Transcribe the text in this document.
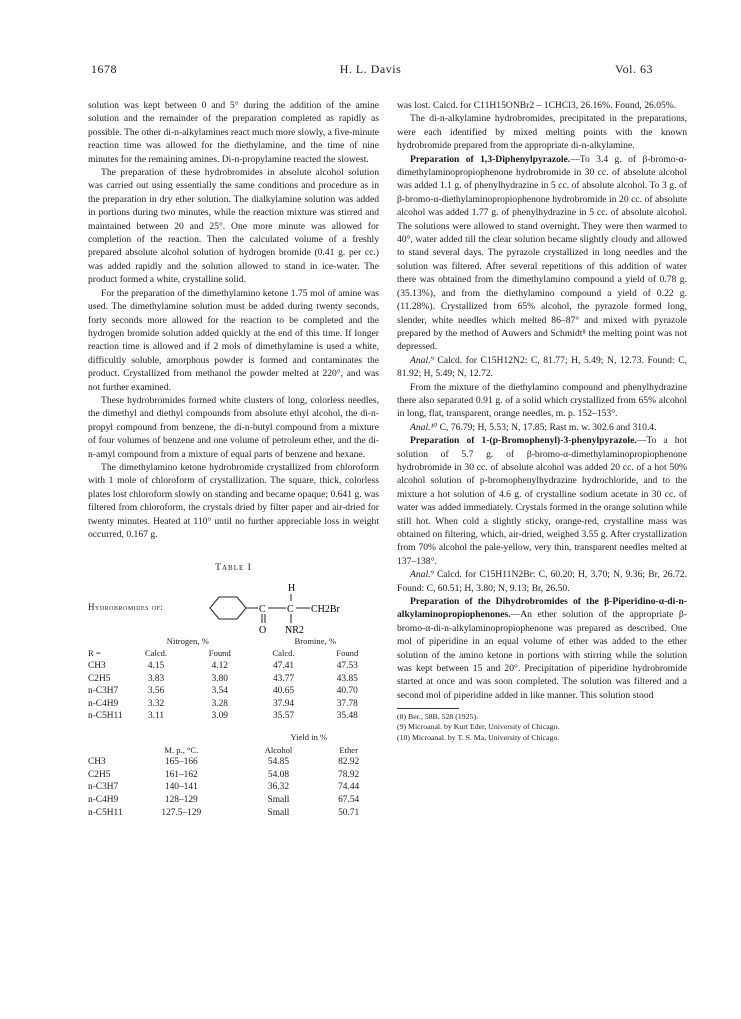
1678	H. L. Davis	Vol. 63

solution was kept between 0 and 5° during the addition of the amine solution and the remainder of the preparation completed as rapidly as possible. The other di-n-alkylamines react much more slowly, a five-minute reaction time was allowed for the diethylamine, and the time of nine minutes for the remaining amines. Di-n-propylamine reacted the slowest.

The preparation of these hydrobromides in absolute alcohol solution was carried out using essentially the same conditions and procedure as in the preparation in dry ether solution. The dialkylamine solution was added in portions during two minutes, while the reaction mixture was stirred and maintained between 20 and 25°. One more minute was allowed for completion of the reaction. Then the calculated volume of a freshly prepared absolute alcohol solution of hydrogen bromide (0.41 g. per cc.) was added rapidly and the solution allowed to stand in ice-water. The product formed a white, crystalline solid.

For the preparation of the dimethylamino ketone 1.75 mol of amine was used. The dimethylamine solution must be added during twenty seconds, forty seconds more allowed for the reaction to be completed and the hydrogen bromide solution added quickly at the end of this time. If longer reaction time is allowed and if 2 mols of dimethylamine is used a white, difficultly soluble, amorphous powder is formed and contaminates the product. Crystallized from methanol the powder melted at 220°, and was not further examined.

These hydrobromides formed white clusters of long, colorless needles, the dimethyl and diethyl compounds from absolute ethyl alcohol, the di-n-propyl compound from benzene, the di-n-butyl compound from a mixture of four volumes of benzene and one volume of petroleum ether, and the di-n-amyl compound from a mixture of equal parts of benzene and hexane.

The dimethylamino ketone hydrobromide crystallized from chloroform with 1 mole of chloroform of crystallization. The square, thick, colorless plates lost chloroform slowly on standing and became opaque; 0.641 g. was filtered from chloroform, the crystals dried by filter paper and air-dried for twenty minutes. Heated at 110° until no further appreciable loss in weight occurred, 0.167 g.

Table I
Hydrobromides of:	C C CH2Br
H
O NR2
	Nitrogen, %		Bromine, %	
R =	Calcd.	Found	Calcd.	Found
CH3	4.15	4.12	47.41	47.53
C2H5	3.83	3.80	43.77	43.85
n-C3H7	3.56	3.54	40.65	40.70
n-C4H9	3.32	3.28	37.94	37.78
n-C5H11	3.11	3.09	35.57	35.48
		Yield in %	
	M. p., °C.	Alcohol	Ether
CH3	165–166	54.85	82.92
C2H5	161–162	54.08	78.92
n-C3H7	140–141	36.32	74.44
n-C4H9	128–129	Small	67.54
n-C5H11	127.5–129	Small	50.71

was lost. Calcd. for C11H15ONBr2 – 1CHCl3, 26.16%. Found, 26.05%.

The di-n-alkylamine hydrobromides, precipitated in the preparations, were each identified by mixed melting points with the known hydrobromide prepared from the appropriate di-n-alkylamine.

Preparation of 1,3-Diphenylpyrazole.—To 3.4 g. of β-bromo-α-dimethylaminopropiophenone hydrobromide in 30 cc. of absolute alcohol was added 1.1 g. of phenylhydrazine in 5 cc. of absolute alcohol. To 3 g. of β-bromo-α-diethylaminopropiophenone hydrobromide in 20 cc. of absolute alcohol was added 1.77 g. of phenylhydrazine in 5 cc. of absolute alcohol. The solutions were allowed to stand overnight. They were then warmed to 40°, water added till the clear solution became slightly cloudy and allowed to stand several days. The pyrazole crystallized in long needles and the solution was filtered. After several repetitions of this addition of water there was obtained from the dimethylamino compound a yield of 0.78 g. (35.13%), and from the diethylamino compound a yield of 0.22 g. (11.28%). Crystallized from 65% alcohol, the pyrazole formed long, slender, white needles which melted 86–87° and mixed with pyrazole prepared by the method of Auwers and Schmidt⁸ the melting point was not depressed.

Anal.⁹ Calcd. for C15H12N2: C, 81.77; H, 5.49; N, 12.73. Found: C, 81.92; H, 5.49; N, 12.72.

From the mixture of the diethylamino compound and phenylhydrazine there also separated 0.91 g. of a solid which crystallized from 65% alcohol in long, flat, transparent, orange needles, m. p. 152–153°.

Anal.¹⁰ C, 76.79; H, 5.53; N, 17.85; Rast m. w. 302.6 and 310.4.

Preparation of 1-(p-Bromophenyl)-3-phenylpyrazole.—To a hot solution of 5.7 g. of β-bromo-α-dimethylaminopropiophenone hydrobromide in 30 cc. of absolute alcohol was added 20 cc. of a hot 50% alcohol solution of p-bromophenylhydrazine hydrochloride, and to the mixture a hot solution of 4.6 g. of crystalline sodium acetate in 30 cc. of water was added immediately. Crystals formed in the orange solution while still hot. When cold a slightly sticky, orange-red, crystalline mass was obtained on filtering, which, air-dried, weighed 3.55 g. After crystallization from 70% alcohol the pale-yellow, very thin, transparent needles melted at 137–138°.

Anal.⁹ Calcd. for C15H11N2Br: C, 60.20; H, 3.70; N, 9.36; Br, 26.72. Found: C, 60.51; H, 3.80; N, 9.13; Br, 26.50.

Preparation of the Dihydrobromides of the β-Piperidino-α-di-n-alkylaminopropiophenones.—An ether solution of the appropriate β-bromo-α-di-n-alkylaminopropiophenone was prepared as described. One mol of piperidine in an equal volume of ether was added to the ether solution of the amino ketone in portions with stirring while the solution was kept between 15 and 20°. Precipitation of piperidine hydrobromide started at once and was soon completed. The solution was filtered and a second mol of piperidine added in like manner. This solution stood

(8) Ber., 58B, 528 (1925).

(9) Microanal. by Kurt Eder, University of Chicago.

(10) Microanal. by T. S. Ma, University of Chicago.
